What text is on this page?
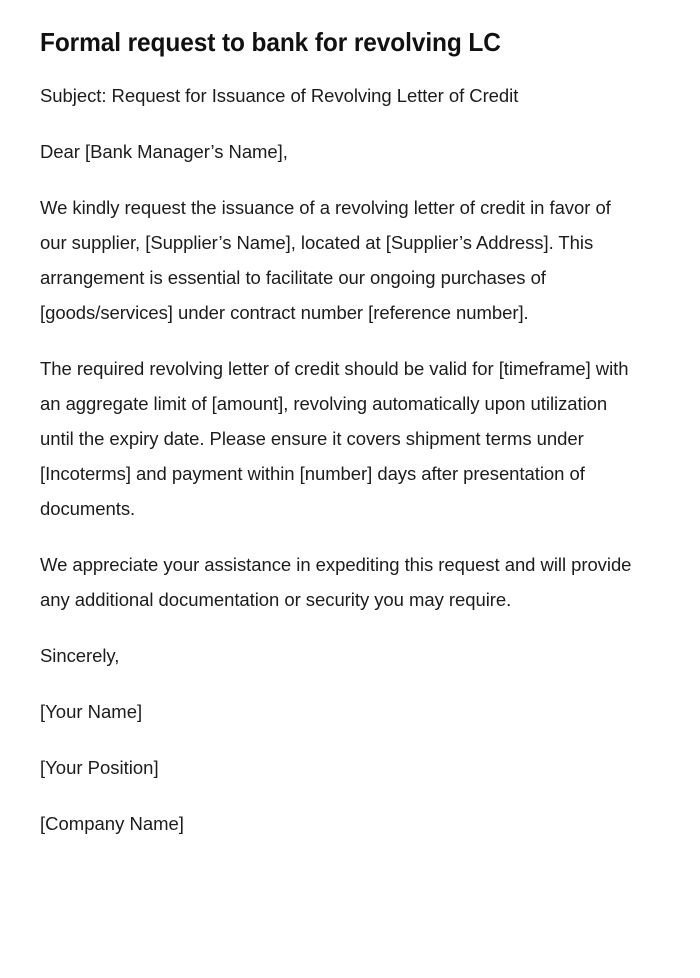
Formal request to bank for revolving LC

Subject: Request for Issuance of Revolving Letter of Credit

Dear [Bank Manager’s Name],

We kindly request the issuance of a revolving letter of credit in favor of our supplier, [Supplier’s Name], located at [Supplier’s Address]. This arrangement is essential to facilitate our ongoing purchases of [goods/services] under contract number [reference number].

The required revolving letter of credit should be valid for [timeframe] with an aggregate limit of [amount], revolving automatically upon utilization until the expiry date. Please ensure it covers shipment terms under [Incoterms] and payment within [number] days after presentation of documents.

We appreciate your assistance in expediting this request and will provide any additional documentation or security you may require.

Sincerely,

[Your Name]

[Your Position]

[Company Name]
